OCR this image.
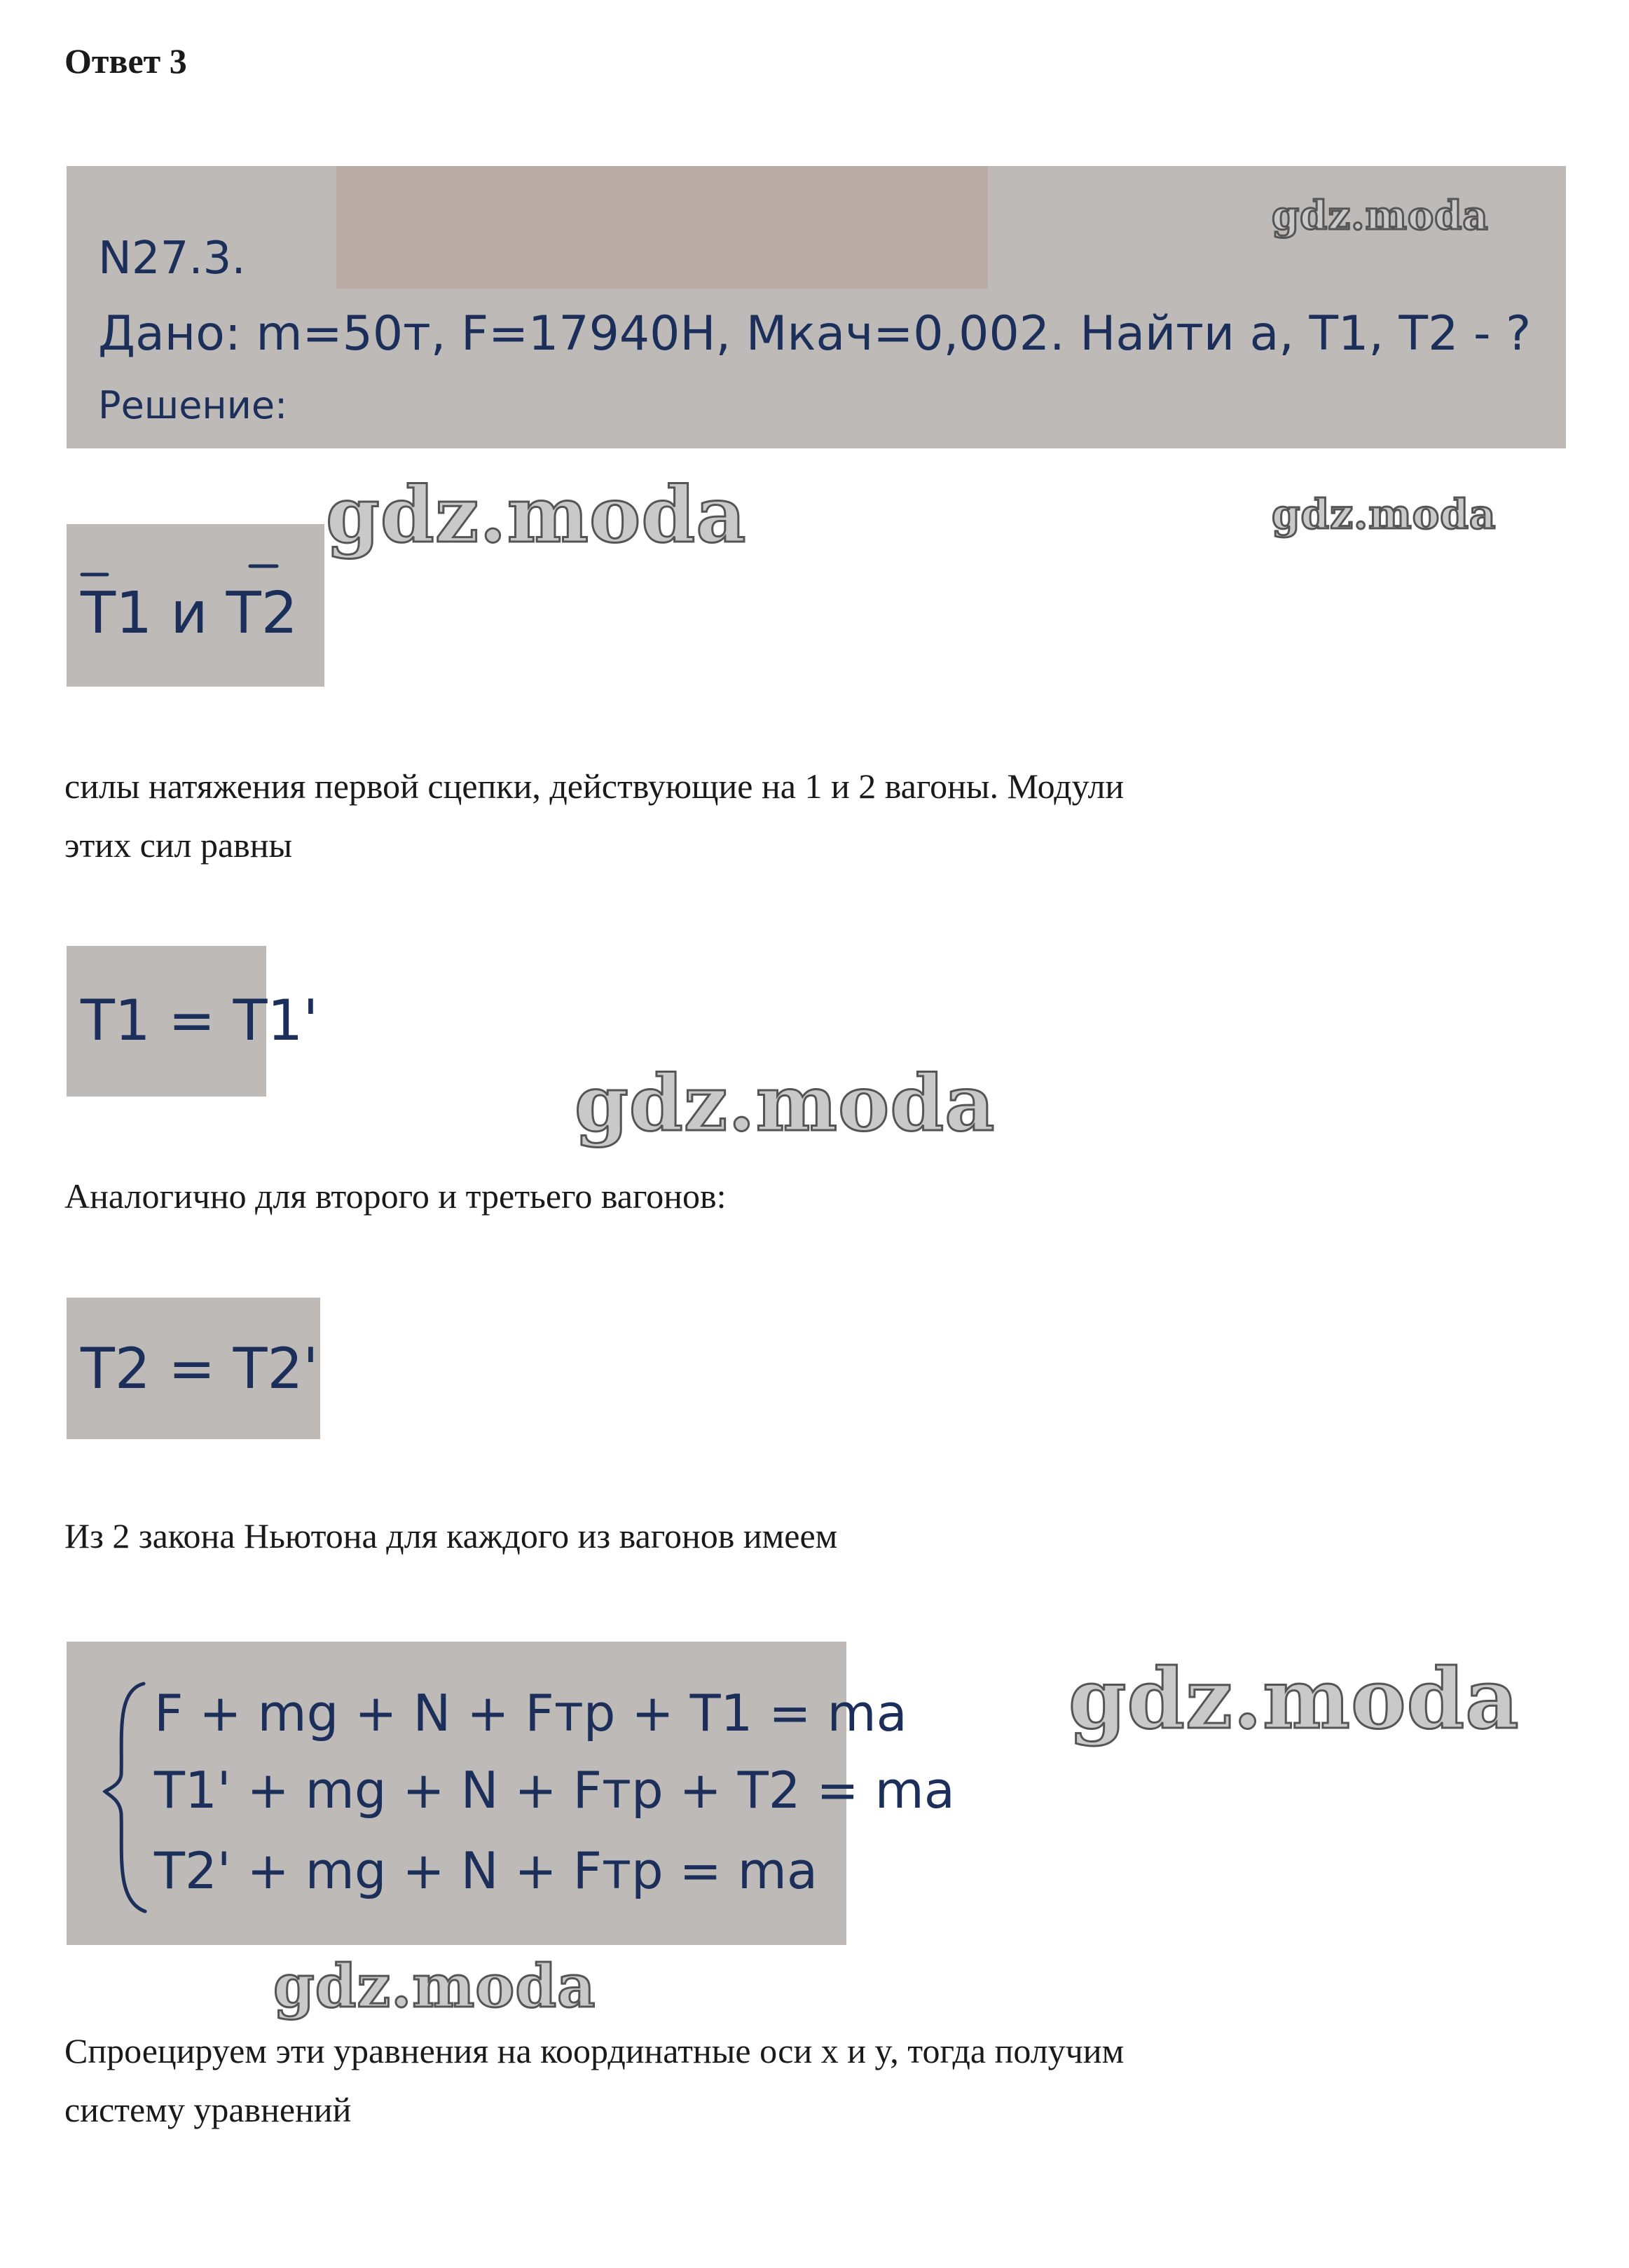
Ответ 3
N27.3.
Дано: m=50т, F=17940Н, Mкач=0,002. Найти a, T1, T2 - ?
Решение:
gdz.moda
gdz.moda	gdz.moda
T1 и T2
силы натяжения первой сцепки, действующие на 1 и 2 вагоны. Модули
этих сил равны
T1 = T1'
gdz.moda
Аналогично для второго и третьего вагонов:
T2 = T2'
Из 2 закона Ньютона для каждого из вагонов имеем
F + mg + N + Fтр + T1 = ma
T1' + mg + N + Fтр + T2 = ma
T2' + mg + N + Fтр = ma
gdz.moda
gdz.moda
Спроецируем эти уравнения на координатные оси x и y, тогда получим
систему уравнений
